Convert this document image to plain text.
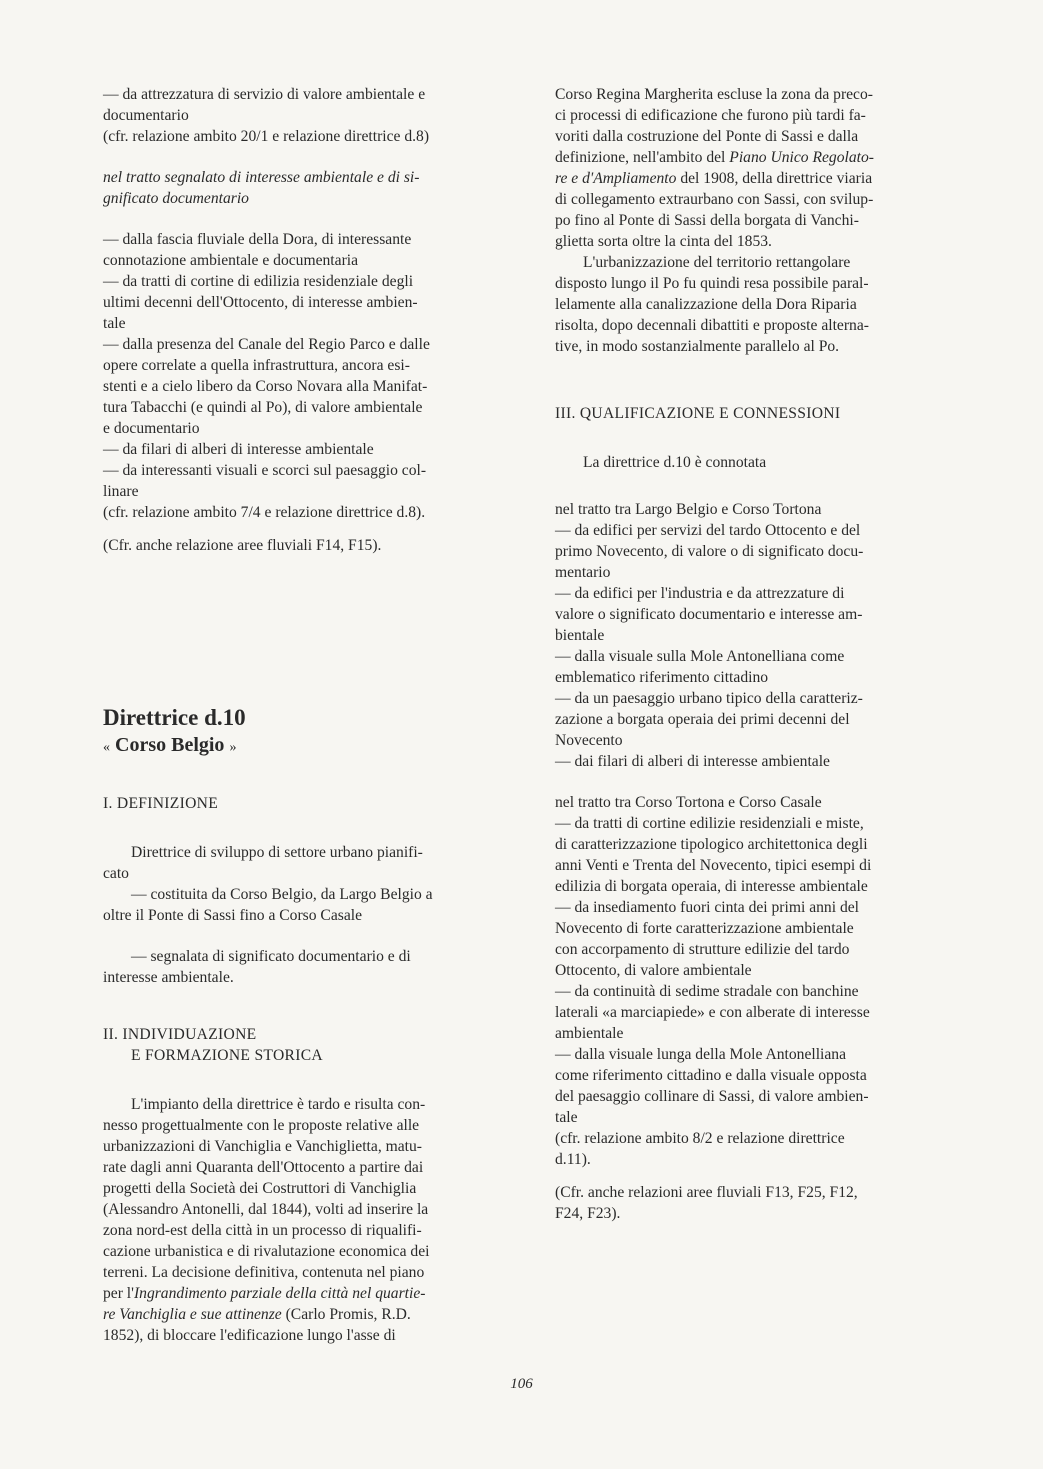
— da attrezzatura di servizio di valore ambientale e

documentario

(cfr. relazione ambito 20/1 e relazione direttrice d.8)

nel tratto segnalato di interesse ambientale e di si-

gnificato documentario

— dalla fascia fluviale della Dora, di interessante

connotazione ambientale e documentaria

— da tratti di cortine di edilizia residenziale degli

ultimi decenni dell'Ottocento, di interesse ambien-

tale

— dalla presenza del Canale del Regio Parco e dalle

opere correlate a quella infrastruttura, ancora esi-

stenti e a cielo libero da Corso Novara alla Manifat-

tura Tabacchi (e quindi al Po), di valore ambientale

e documentario

— da filari di alberi di interesse ambientale

— da interessanti visuali e scorci sul paesaggio col-

linare

(cfr. relazione ambito 7/4 e relazione direttrice d.8).

(Cfr. anche relazione aree fluviali F14, F15).

Direttrice d.10

« Corso Belgio »

I. DEFINIZIONE

Direttrice di sviluppo di settore urbano pianifi-

cato

— costituita da Corso Belgio, da Largo Belgio a

oltre il Ponte di Sassi fino a Corso Casale

— segnalata di significato documentario e di

interesse ambientale.

II. INDIVIDUAZIONE
E FORMAZIONE STORICA

L'impianto della direttrice è tardo e risulta con-

nesso progettualmente con le proposte relative alle

urbanizzazioni di Vanchiglia e Vanchiglietta, matu-

rate dagli anni Quaranta dell'Ottocento a partire dai

progetti della Società dei Costruttori di Vanchiglia

(Alessandro Antonelli, dal 1844), volti ad inserire la

zona nord-est della città in un processo di riqualifi-

cazione urbanistica e di rivalutazione economica dei

terreni. La decisione definitiva, contenuta nel piano

per l'Ingrandimento parziale della città nel quartie-

re Vanchiglia e sue attinenze (Carlo Promis, R.D.

1852), di bloccare l'edificazione lungo l'asse di

Corso Regina Margherita escluse la zona da preco-

ci processi di edificazione che furono più tardi fa-

voriti dalla costruzione del Ponte di Sassi e dalla

definizione, nell'ambito del Piano Unico Regolato-

re e d'Ampliamento del 1908, della direttrice viaria

di collegamento extraurbano con Sassi, con svilup-

po fino al Ponte di Sassi della borgata di Vanchi-

glietta sorta oltre la cinta del 1853.

L'urbanizzazione del territorio rettangolare

disposto lungo il Po fu quindi resa possibile paral-

lelamente alla canalizzazione della Dora Riparia

risolta, dopo decennali dibattiti e proposte alterna-

tive, in modo sostanzialmente parallelo al Po.

III. QUALIFICAZIONE E CONNESSIONI

La direttrice d.10 è connotata

nel tratto tra Largo Belgio e Corso Tortona

— da edifici per servizi del tardo Ottocento e del

primo Novecento, di valore o di significato docu-

mentario

— da edifici per l'industria e da attrezzature di

valore o significato documentario e interesse am-

bientale

— dalla visuale sulla Mole Antonelliana come

emblematico riferimento cittadino

— da un paesaggio urbano tipico della caratteriz-

zazione a borgata operaia dei primi decenni del

Novecento

— dai filari di alberi di interesse ambientale

nel tratto tra Corso Tortona e Corso Casale

— da tratti di cortine edilizie residenziali e miste,

di caratterizzazione tipologico architettonica degli

anni Venti e Trenta del Novecento, tipici esempi di

edilizia di borgata operaia, di interesse ambientale

— da insediamento fuori cinta dei primi anni del

Novecento di forte caratterizzazione ambientale

con accorpamento di strutture edilizie del tardo

Ottocento, di valore ambientale

— da continuità di sedime stradale con banchine

laterali «a marciapiede» e con alberate di interesse

ambientale

— dalla visuale lunga della Mole Antonelliana

come riferimento cittadino e dalla visuale opposta

del paesaggio collinare di Sassi, di valore ambien-

tale

(cfr. relazione ambito 8/2 e relazione direttrice

d.11).

(Cfr. anche relazioni aree fluviali F13, F25, F12,

F24, F23).

106
